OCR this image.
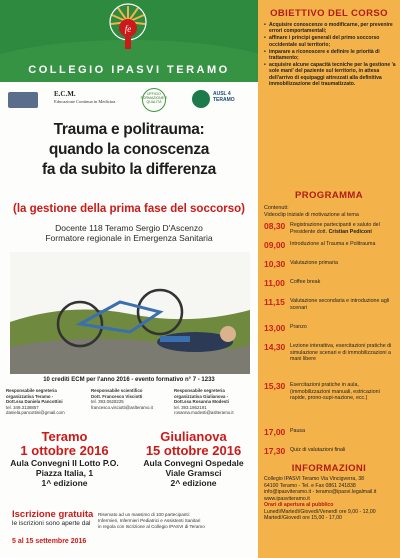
fe
COLLEGIO IPASVI TERAMO
E.C.M.
Educazione Continua in Medicina
UFFICIO FORMAZIONE E QUALITÀ
AUSL 4
TERAMO
Trauma e politrauma:
quando la conoscenza
fa da subito la differenza
(la gestione della prima fase del soccorso)
Docente 118 Teramo Sergio D'Ascenzo
Formatore regionale in Emergenza Sanitaria
10 crediti ECM per l'anno 2016 - evento formativo n° 7 - 1233
Responsabile segreteria organizzativa Teramo -
Dott.ssa Daniela Pancottini
tel. 349.3138857
daniela.pancottini@gmail.com
Responsabile scientifico
Dott. Francesco Visciotti
tel. 393.0628225
francesco.visciotti@aslteramo.it
Responsabile segreteria organizzativa Giulianova -
Dott.ssa Rosanna Modesti
tel. 393.1862191
rosanna.modesti@aslteramo.it
Teramo
1 ottobre 2016
Aula Convegni II Lotto P.O.
Piazza Italia, 1
1^ edizione
Giulianova
15 ottobre 2016
Aula Convegni Ospedale
Viale Gramsci
2^ edizione
Iscrizione gratuita
le iscrizioni sono aperte dal
5 al 15 settembre 2016
Riservato ad un massimo di 100 partecipanti:
Infermieri, Infermieri Pediatrici e Assistenti Sanitari
in regola con Iscrizione al Collegio IPASVI di Teramo
OBIETTIVO DEL CORSO
• Acquisire conoscenze o modificarne, per prevenire errori comportamentali;
• affinare i principi generali del primo soccorso occidentale sul territorio;
• imparare a riconoscere e definire le priorità di trattamento;
• acquisire alcune capacità tecniche per la gestione 'a sole mani' del paziente sul territorio, in attesa dell'arrivo di equipaggi attrezzati alla definitiva immobilizzazione del traumatizzato.
PROGRAMMA
Contenuti:
Videoclip iniziale di motivazione al tema
08,30 Registrazione partecipanti e saluto del Presidente dott. Cristian Pediconi
09,00 Introduzione al Trauma e Politrauma
10,30 Valutazione primaria
11,00 Coffee break
11,15 Valutazione secondaria e introduzione agli scenari
13,00 Pranzo
14,30 Lezione interattiva, esercitazioni pratiche di simulazione scenari e di immobilizzazioni a mani libere
15,30 Esercitazioni pratiche in aula, (immobilizzazioni manuali, estricazioni rapide, prono-supi-nazione, ecc.)
17,00 Pausa
17,30 Quiz di valutazioni finali
INFORMAZIONI
Collegio IPASVI Teramo Via Vincigverra, 38
64100 Teramo - Tel. e Fax 0861 241838
info@ipasviteramo.it - teramo@ipasvi.legalmail.it
www.ipasviteramo.it
Orari di apertura al pubblico
Lunedì/Martedì/Giovedì/Venerdì ore 9,00 - 12,00
Martedì/Giovedì ore 15,00 - 17,00
